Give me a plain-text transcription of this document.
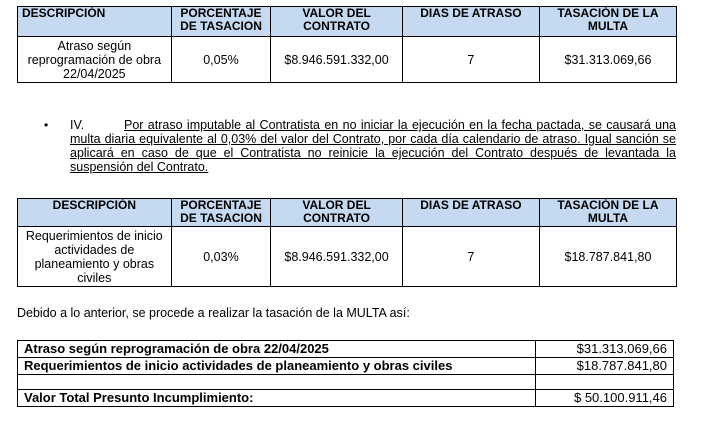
DESCRIPCIÓN	PORCENTAJE DE TASACION	VALOR DEL CONTRATO	DIAS DE ATRASO	TASACIÓN DE LA MULTA
Atraso según reprogramación de obra 22/04/2025	0,05%	$8.946.591.332,00	7	$31.313.069,66
• IV.	Por atraso imputable al Contratista en no iniciar la ejecución en la fecha pactada, se causará una multa diaria equivalente al 0,03% del valor del Contrato, por cada día calendario de atraso. Igual sanción se aplicará en caso de que el Contratista no reinicie la ejecución del Contrato después de levantada la suspensión del Contrato.
DESCRIPCIÓN	PORCENTAJE DE TASACION	VALOR DEL CONTRATO	DIAS DE ATRASO	TASACIÓN DE LA MULTA
Requerimientos de inicio actividades de planeamiento y obras civiles	0,03%	$8.946.591.332,00	7	$18.787.841,80
Debido a lo anterior, se procede a realizar la tasación de la MULTA así:
Atraso según reprogramación de obra 22/04/2025	$31.313.069,66
Requerimientos de inicio actividades de planeamiento y obras civiles	$18.787.841,80

Valor Total Presunto Incumplimiento:	$ 50.100.911,46
